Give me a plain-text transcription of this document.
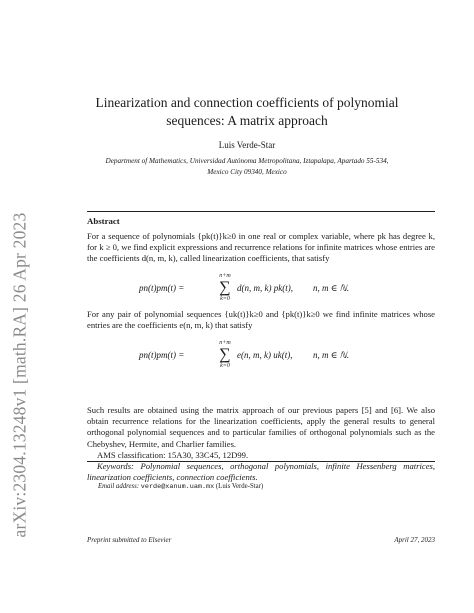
arXiv:2304.13248v1 [math.RA] 26 Apr 2023
Linearization and connection coefficients of polynomial
sequences: A matrix approach
Luis Verde-Star
Department of Mathematics, Universidad Autónoma Metropolitana, Iztapalapa, Apartado 55-534,
Mexico City 09340, Mexico
Abstract
For a sequence of polynomials {pk(t)}k≥0 in one real or complex variable, where pk has degree k, for k ≥ 0, we find explicit expressions and recurrence relations for infinite matrices whose entries are the coefficients d(n, m, k), called linearization coefficients, that satisfy
pn(t)pm(t) =
n+m
∑
k=0
d(n, m, k) pk(t), n, m ∈ ℕ.
For any pair of polynomial sequences {uk(t)}k≥0 and {pk(t)}k≥0 we find infinite matrices whose entries are the coefficients e(n, m, k) that satisfy
pn(t)pm(t) =
n+m
∑
k=0
e(n, m, k) uk(t), n, m ∈ ℕ.
Such results are obtained using the matrix approach of our previous papers [5] and [6]. We also obtain recurrence relations for the linearization coefficients, apply the general results to general orthogonal polynomial sequences and to particular families of orthogonal polynomials such as the Chebyshev, Hermite, and Charlier families.
AMS classification: 15A30, 33C45, 12D99.
Keywords: Polynomial sequences, orthogonal polynomials, infinite Hessenberg matrices, linearization coefficients, connection coefficients.
Email address: verde@xanum.uam.mx (Luis Verde-Star)
Preprint submitted to Elsevier	April 27, 2023
